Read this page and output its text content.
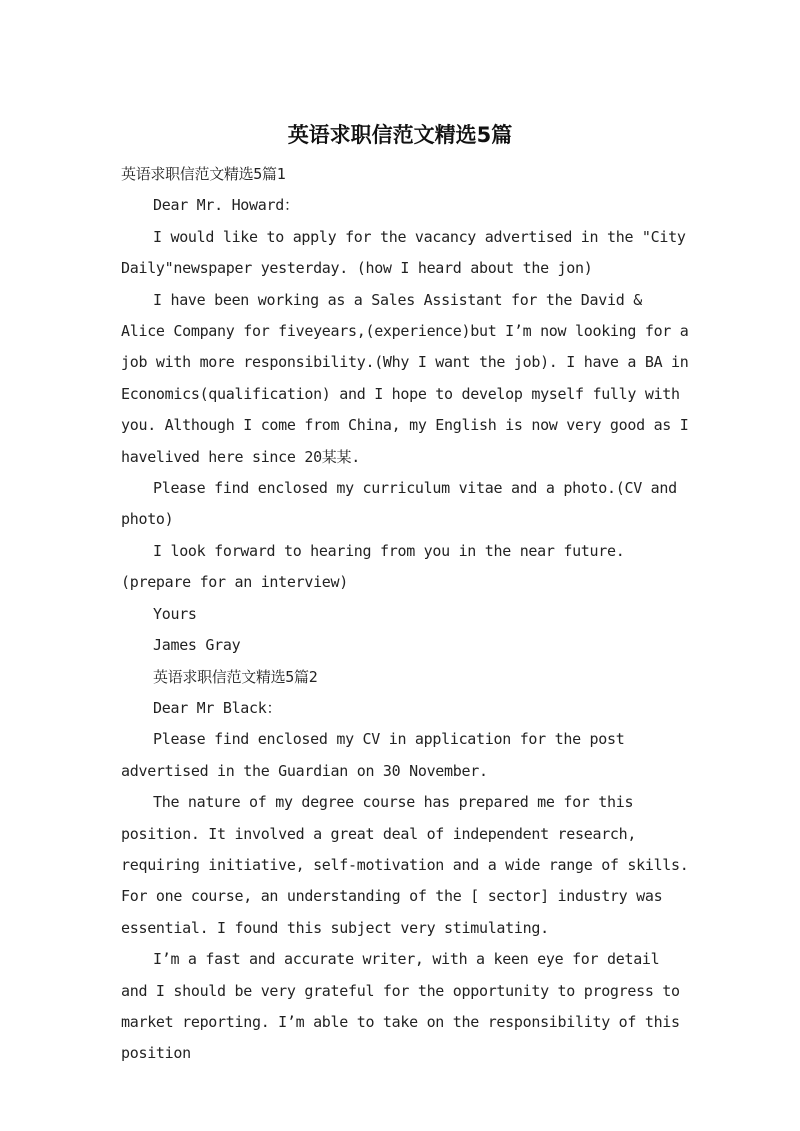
英语求职信范文精选5篇

英语求职信范文精选5篇1

Dear Mr. Howard：

I would like to apply for the vacancy advertised in the "City Daily"newspaper yesterday. (how I heard about the jon)

I have been working as a Sales Assistant for the David & Alice Company for fiveyears,(experience)but I’m now looking for a job with more responsibility.(Why I want the job). I have a BA in Economics(qualification) and I hope to develop myself fully with you. Although I come from China, my English is now very good as I havelived here since 20某某.

Please find enclosed my curriculum vitae and a photo.(CV and photo)

I look forward to hearing from you in the near future.(prepare for an interview)

Yours

James Gray

英语求职信范文精选5篇2

Dear Mr Black：

Please find enclosed my CV in application for the post advertised in the Guardian on 30 November.

The nature of my degree course has prepared me for this position. It involved a great deal of independent research, requiring initiative, self-motivation and a wide range of skills. For one course, an understanding of the [ sector] industry was essential. I found this subject very stimulating.

I’m a fast and accurate writer, with a keen eye for detail and I should be very grateful for the opportunity to progress to market reporting. I’m able to take on the responsibility of this position
